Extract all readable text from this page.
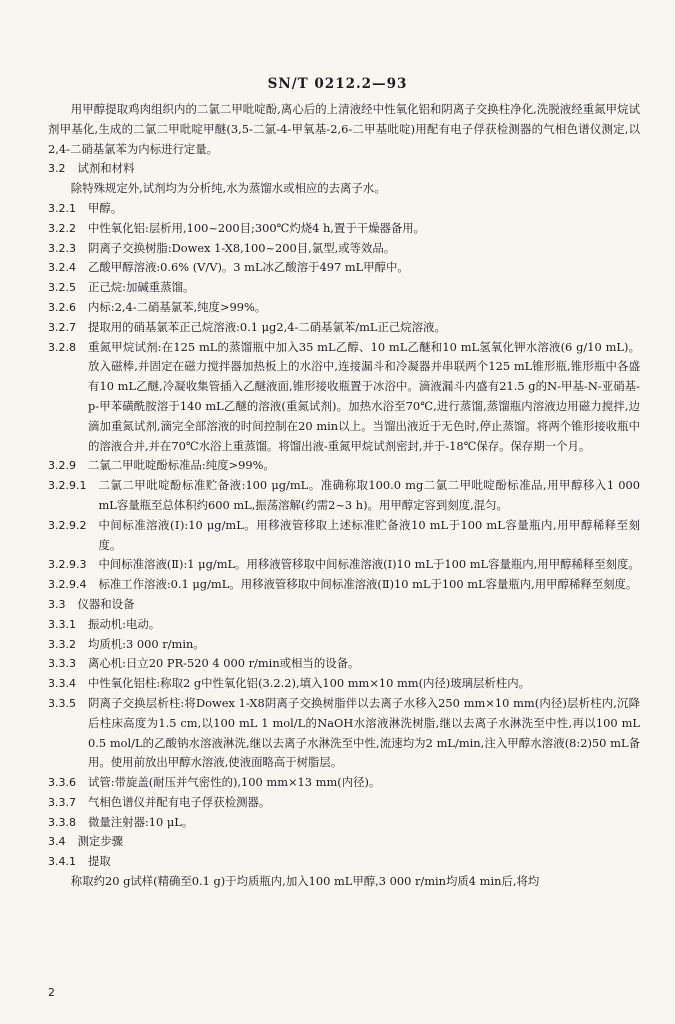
SN/T 0212.2—93

用甲醇提取鸡肉组织内的二氯二甲吡啶酚,离心后的上清液经中性氧化铝和阴离子交换柱净化,洗脱液经重氮甲烷试剂甲基化,生成的二氯二甲吡啶甲醚(3,5-二氯-4-甲氧基-2,6-二甲基吡啶)用配有电子俘获检测器的气相色谱仪测定,以2,4-二硝基氯苯为内标进行定量。

3.2 试剂和材料

除特殊规定外,试剂均为分析纯,水为蒸馏水或相应的去离子水。

3.2.1 甲醇。
3.2.2 中性氧化铝:层析用,100~200目;300℃灼烧4 h,置于干燥器备用。
3.2.3 阴离子交换树脂:Dowex 1-X8,100~200目,氯型,或等效品。
3.2.4 乙酸甲醇溶液:0.6% (V/V)。3 mL冰乙酸溶于497 mL甲醇中。
3.2.5 正己烷:加碱重蒸馏。
3.2.6 内标:2,4-二硝基氯苯,纯度>99%。
3.2.7 提取用的硝基氯苯正己烷溶液:0.1 μg2,4-二硝基氯苯/mL正己烷溶液。
3.2.8 重氮甲烷试剂:在125 mL的蒸馏瓶中加入35 mL乙醇、10 mL乙醚和10 mL氢氧化钾水溶液(6 g/10 mL)。放入磁棒,并固定在磁力搅拌器加热板上的水浴中,连接漏斗和冷凝器并串联两个125 mL锥形瓶,锥形瓶中各盛有10 mL乙醚,冷凝收集管插入乙醚液面,锥形接收瓶置于冰浴中。滴液漏斗内盛有21.5 g的N-甲基-N-亚硝基-p-甲苯磺酰胺溶于140 mL乙醚的溶液(重氮试剂)。加热水浴至70℃,进行蒸馏,蒸馏瓶内溶液边用磁力搅拌,边滴加重氮试剂,滴完全部溶液的时间控制在20 min以上。当馏出液近于无色时,停止蒸馏。将两个锥形接收瓶中的溶液合并,并在70℃水浴上重蒸馏。将馏出液-重氮甲烷试剂密封,并于-18℃保存。保存期一个月。
3.2.9 二氯二甲吡啶酚标准品:纯度>99%。
3.2.9.1 二氯二甲吡啶酚标准贮备液:100 μg/mL。准确称取100.0 mg二氯二甲吡啶酚标准品,用甲醇移入1 000 mL容量瓶至总体积约600 mL,振荡溶解(约需2~3 h)。用甲醇定容到刻度,混匀。
3.2.9.2 中间标准溶液(Ⅰ):10 μg/mL。用移液管移取上述标准贮备液10 mL于100 mL容量瓶内,用甲醇稀释至刻度。
3.2.9.3 中间标准溶液(Ⅱ):1 μg/mL。用移液管移取中间标准溶液(Ⅰ)10 mL于100 mL容量瓶内,用甲醇稀释至刻度。
3.2.9.4 标准工作溶液:0.1 μg/mL。用移液管移取中间标准溶液(Ⅱ)10 mL于100 mL容量瓶内,用甲醇稀释至刻度。
3.3 仪器和设备
3.3.1 振动机:电动。
3.3.2 均质机:3 000 r/min。
3.3.3 离心机:日立20 PR-520 4 000 r/min或相当的设备。
3.3.4 中性氧化铝柱:称取2 g中性氧化铝(3.2.2),填入100 mm×10 mm(内径)玻璃层析柱内。
3.3.5 阴离子交换层析柱:将Dowex 1-X8阴离子交换树脂伴以去离子水移入250 mm×10 mm(内径)层析柱内,沉降后柱床高度为1.5 cm,以100 mL 1 mol/L的NaOH水溶液淋洗树脂,继以去离子水淋洗至中性,再以100 mL 0.5 mol/L的乙酸钠水溶液淋洗,继以去离子水淋洗至中性,流速均为2 mL/min,注入甲醇水溶液(8:2)50 mL备用。使用前放出甲醇水溶液,使液面略高于树脂层。
3.3.6 试管:带旋盖(耐压并气密性的),100 mm×13 mm(内径)。
3.3.7 气相色谱仪并配有电子俘获检测器。
3.3.8 微量注射器:10 μL。
3.4 测定步骤
3.4.1 提取

称取约20 g试样(精确至0.1 g)于均质瓶内,加入100 mL甲醇,3 000 r/min均质4 min后,将均

2
